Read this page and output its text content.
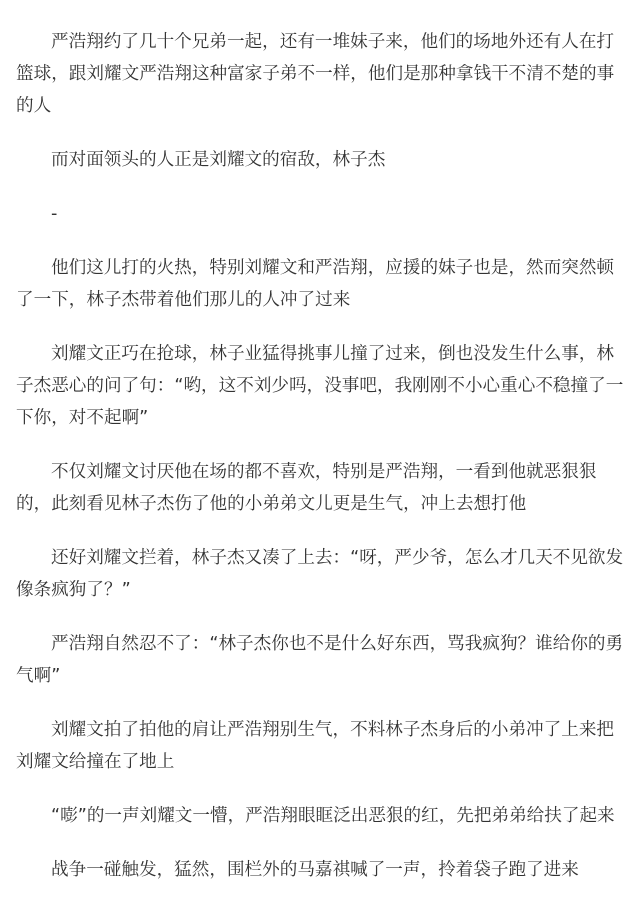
严浩翔约了几十个兄弟一起，还有一堆妹子来，他们的场地外还有人在打篮球，跟刘耀文严浩翔这种富家子弟不一样，他们是那种拿钱干不清不楚的事的人

而对面领头的人正是刘耀文的宿敌，林子杰

-

他们这儿打的火热，特别刘耀文和严浩翔，应援的妹子也是，然而突然顿了一下，林子杰带着他们那儿的人冲了过来

刘耀文正巧在抢球，林子业猛得挑事儿撞了过来，倒也没发生什么事，林子杰恶心的问了句：“哟，这不刘少吗，没事吧，我刚刚不小心重心不稳撞了一下你，对不起啊”

不仅刘耀文讨厌他在场的都不喜欢，特别是严浩翔，一看到他就恶狠狠的，此刻看见林子杰伤了他的小弟弟文儿更是生气，冲上去想打他

还好刘耀文拦着，林子杰又凑了上去：“呀，严少爷，怎么才几天不见欲发像条疯狗了？”

严浩翔自然忍不了：“林子杰你也不是什么好东西，骂我疯狗？谁给你的勇气啊”

刘耀文拍了拍他的肩让严浩翔别生气，不料林子杰身后的小弟冲了上来把刘耀文给撞在了地上

“嘭”的一声刘耀文一懵，严浩翔眼眶泛出恶狠的红，先把弟弟给扶了起来

战争一碰触发，猛然，围栏外的马嘉祺喊了一声，拎着袋子跑了进来
